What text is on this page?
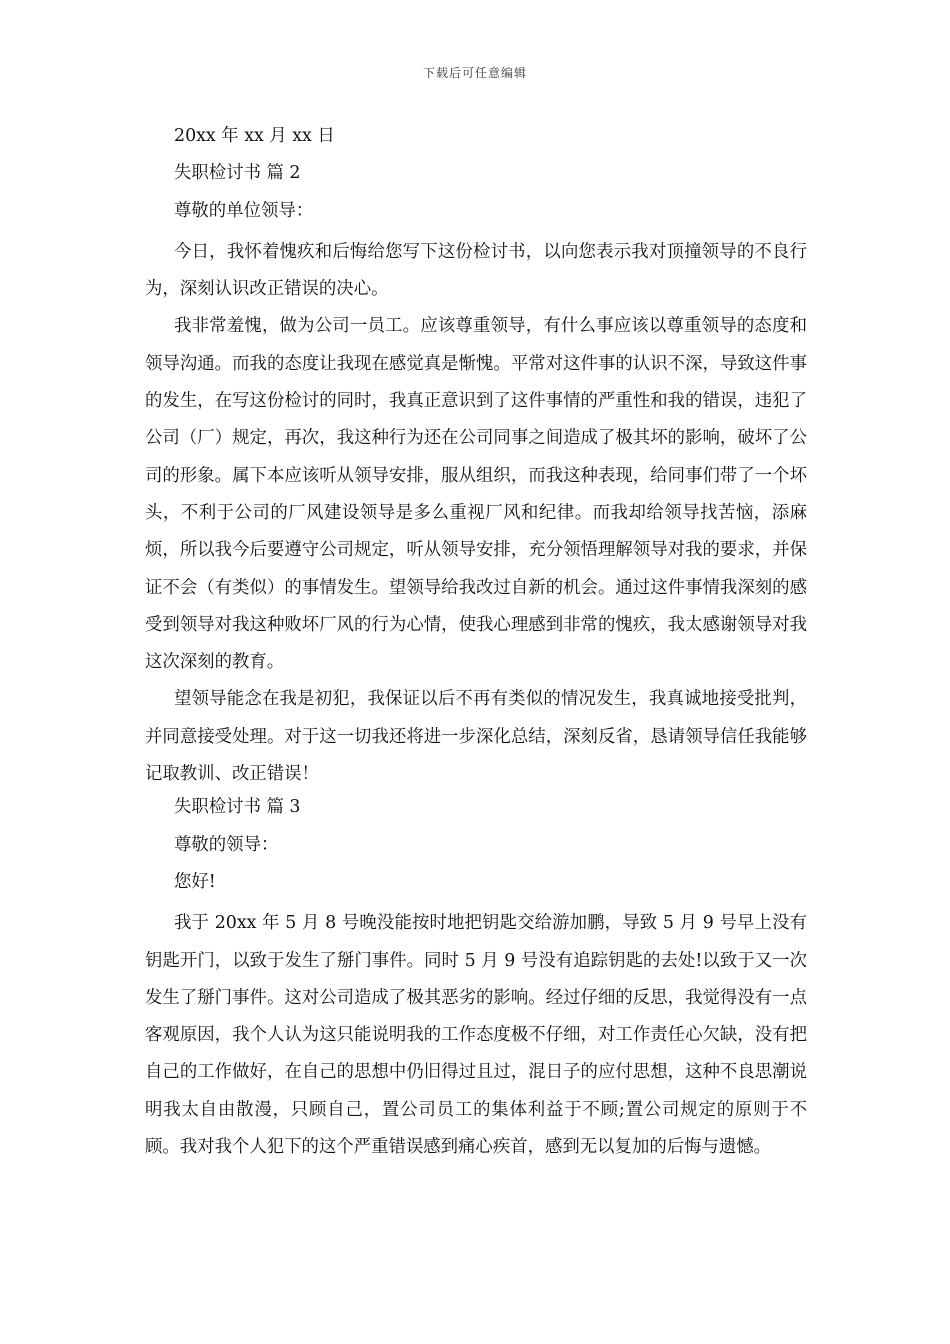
下载后可任意编辑

20xx 年 xx 月 xx 日

失职检讨书 篇 2

尊敬的单位领导：

今日，我怀着愧疚和后悔给您写下这份检讨书，以向您表示我对顶撞领导的不良行为，深刻认识改正错误的决心。

我非常羞愧，做为公司一员工。应该尊重领导，有什么事应该以尊重领导的态度和领导沟通。而我的态度让我现在感觉真是惭愧。平常对这件事的认识不深，导致这件事的发生，在写这份检讨的同时，我真正意识到了这件事情的严重性和我的错误，违犯了公司（厂）规定，再次，我这种行为还在公司同事之间造成了极其坏的影响，破坏了公司的形象。属下本应该听从领导安排，服从组织，而我这种表现，给同事们带了一个坏头，不利于公司的厂风建设领导是多么重视厂风和纪律。而我却给领导找苦恼，添麻烦，所以我今后要遵守公司规定，听从领导安排，充分领悟理解领导对我的要求，并保证不会（有类似）的事情发生。望领导给我改过自新的机会。通过这件事情我深刻的感受到领导对我这种败坏厂风的行为心情，使我心理感到非常的愧疚，我太感谢领导对我这次深刻的教育。

望领导能念在我是初犯，我保证以后不再有类似的情况发生，我真诚地接受批判，并同意接受处理。对于这一切我还将进一步深化总结，深刻反省，恳请领导信任我能够记取教训、改正错误！

失职检讨书 篇 3

尊敬的领导：

您好!

我于 20xx 年 5 月 8 号晚没能按时地把钥匙交给游加鹏，导致 5 月 9 号早上没有钥匙开门，以致于发生了掰门事件。同时 5 月 9 号没有追踪钥匙的去处!以致于又一次发生了掰门事件。这对公司造成了极其恶劣的影响。经过仔细的反思，我觉得没有一点客观原因，我个人认为这只能说明我的工作态度极不仔细，对工作责任心欠缺，没有把自己的工作做好，在自己的思想中仍旧得过且过，混日子的应付思想，这种不良思潮说明我太自由散漫，只顾自己，置公司员工的集体利益于不顾;置公司规定的原则于不顾。我对我个人犯下的这个严重错误感到痛心疾首，感到无以复加的后悔与遗憾。
